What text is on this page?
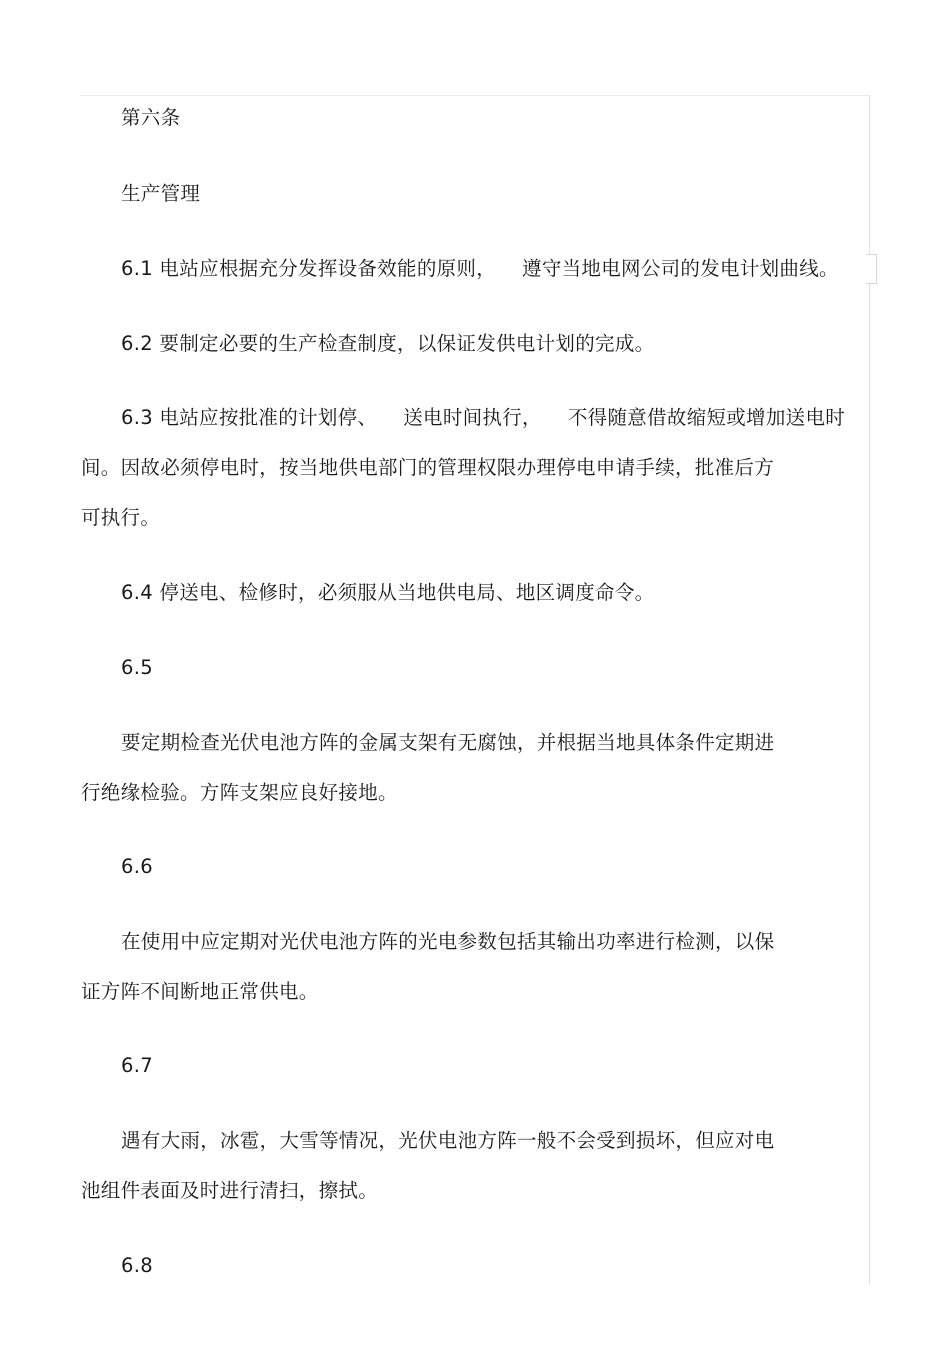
第六条
生产管理
6.1 电站应根据充分发挥设备效能的原则， 遵守当地电网公司的发电计划曲线。
6.2 要制定必要的生产检查制度，以保证发供电计划的完成。
6.3 电站应按批准的计划停、 送电时间执行， 不得随意借故缩短或增加送电时
间。因故必须停电时，按当地供电部门的管理权限办理停电申请手续，批准后方
可执行。
6.4 停送电、检修时，必须服从当地供电局、地区调度命令。
6.5
要定期检查光伏电池方阵的金属支架有无腐蚀，并根据当地具体条件定期进
行绝缘检验。方阵支架应良好接地。
6.6
在使用中应定期对光伏电池方阵的光电参数包括其输出功率进行检测，以保
证方阵不间断地正常供电。
6.7
遇有大雨，冰雹，大雪等情况，光伏电池方阵一般不会受到损坏，但应对电
池组件表面及时进行清扫，擦拭。
6.8
